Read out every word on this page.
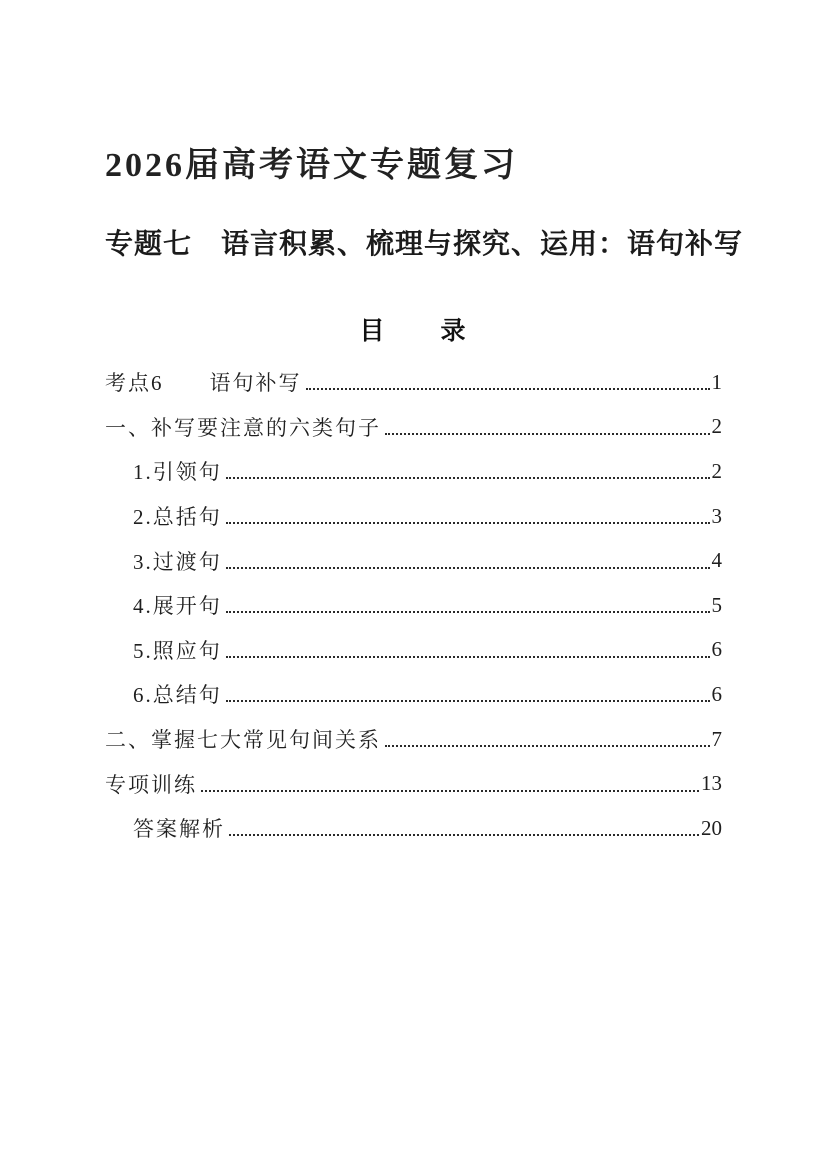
2026届高考语文专题复习
专题七　语言积累、梳理与探究、运用：语句补写
目　　录
考点6　　语句补写	1
一、补写要注意的六类句子	2
1.引领句	2
2.总括句	3
3.过渡句	4
4.展开句	5
5.照应句	6
6.总结句	6
二、掌握七大常见句间关系	7
专项训练	13
答案解析	20
